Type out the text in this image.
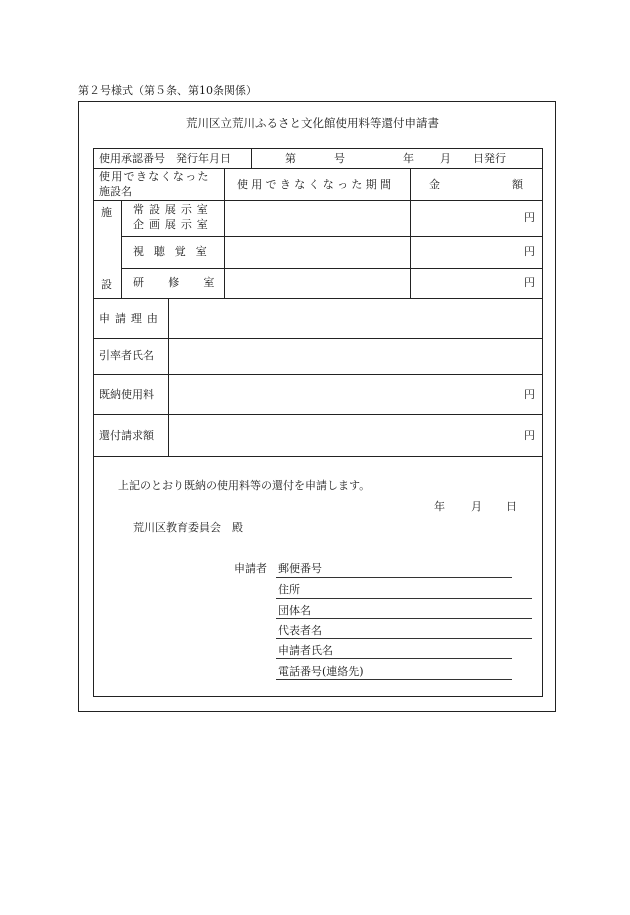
第２号様式（第５条、第10条関係）
荒川区立荒川ふるさと文化館使用料等還付申請書
使用承認番号　発行年月日	第	号	年 月 日発行
使用できなくなった
施設名
使用できなくなった期間	金	額
施
設
常設展示室
企画展示室
円
視聴覚室	円
研修室	円
申請理由
引率者氏名
既納使用料	円
還付請求額	円
上記のとおり既納の使用料等の還付を申請します。
年 月 日
荒川区教育委員会　殿
申請者 郵便番号
住所
団体名
代表者名
申請者氏名
電話番号(連絡先)
